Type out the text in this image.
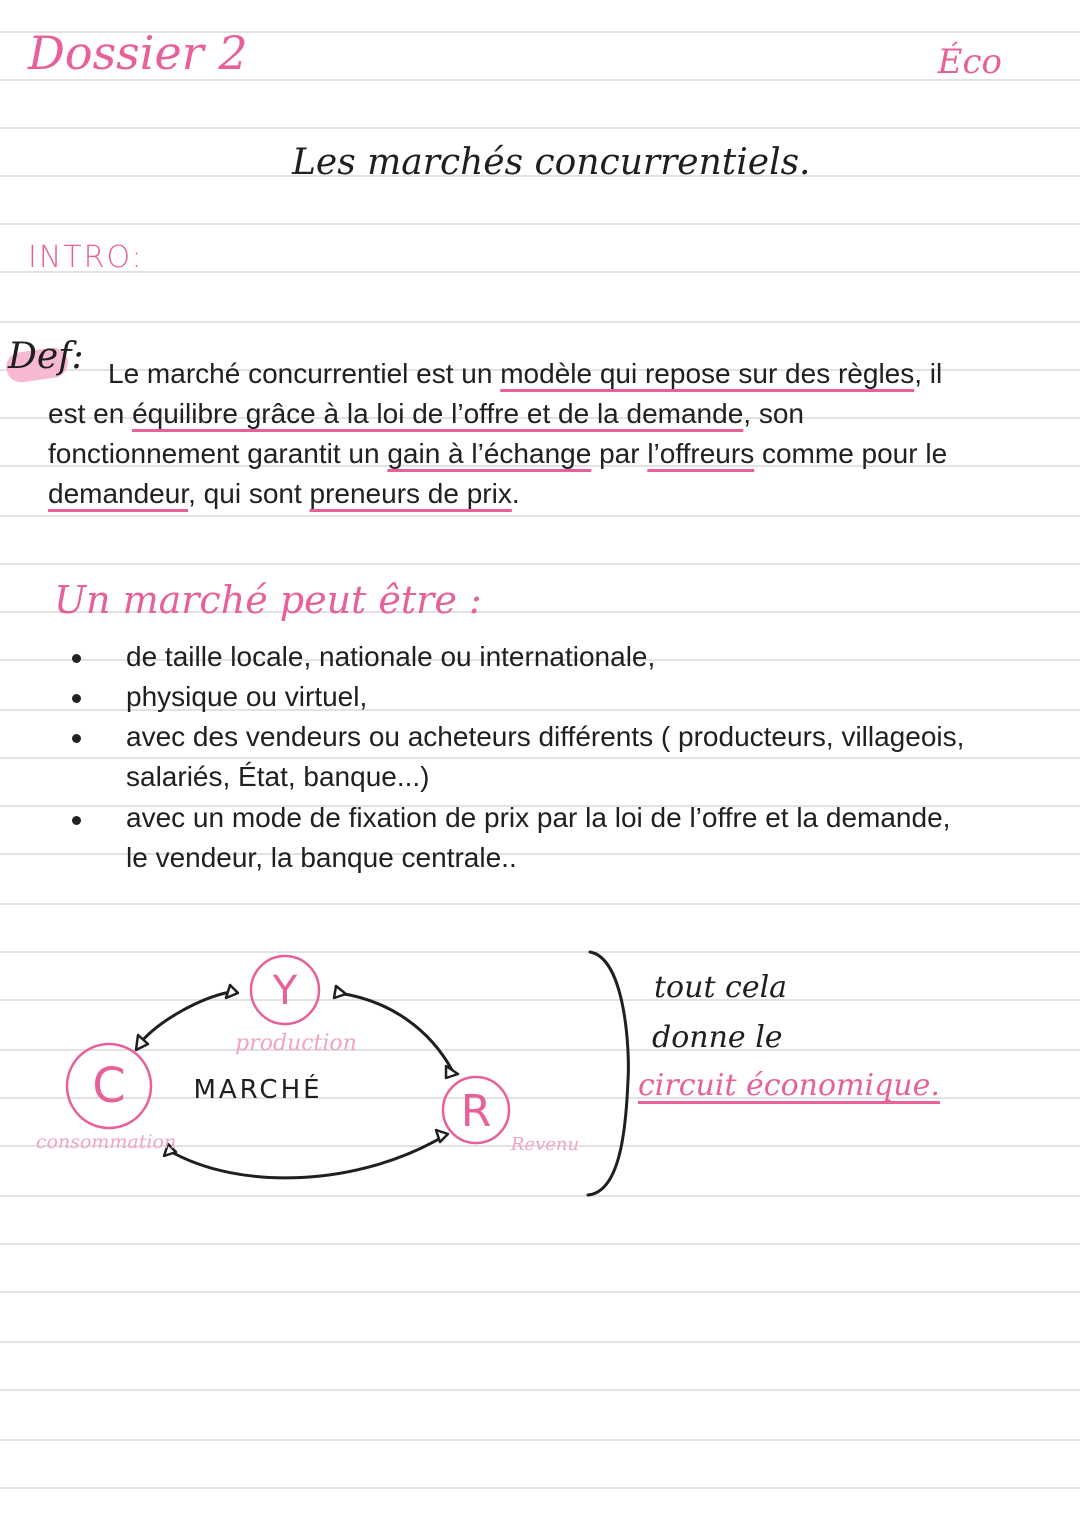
Dossier 2	Éco
Les marchés concurrentiels.
INTRO:
Def: Le marché concurrentiel est un modèle qui repose sur des règles, il
est en équilibre grâce à la loi de l’offre et de la demande, son
fonctionnement garantit un gain à l’échange par l’offreurs comme pour le
demandeur, qui sont preneurs de prix.
Un marché peut être :
de taille locale, nationale ou internationale,
physique ou virtuel,
avec des vendeurs ou acheteurs différents ( producteurs, villageois,
salariés, État, banque...)
avec un mode de fixation de prix par la loi de l’offre et la demande,
le vendeur, la banque centrale..
Y
C	R
production
consommation	Revenu
MARCHÉ
tout cela
donne le
circuit économique.
